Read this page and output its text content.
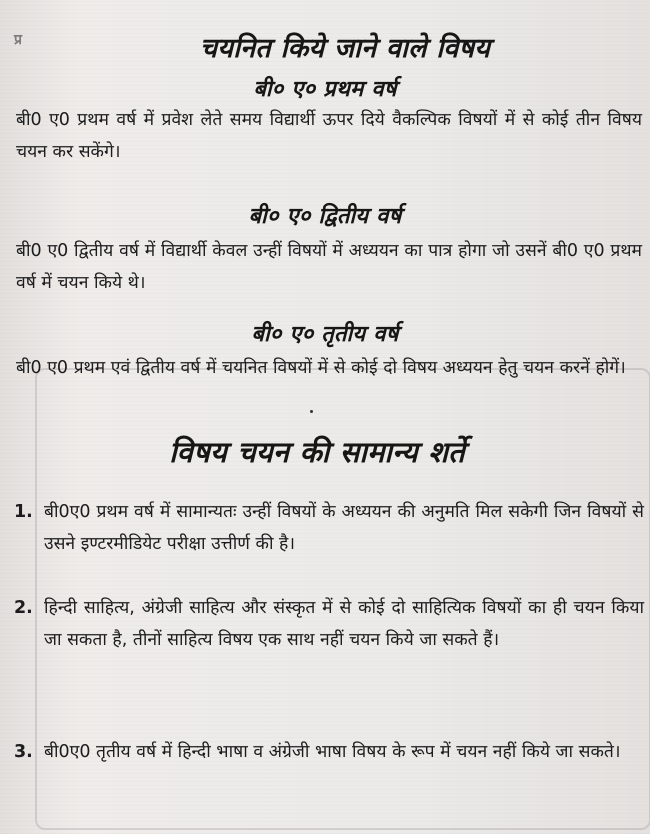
प्र	चयनित किये जाने वाले विषय
बी० ए० प्रथम वर्ष
बी0 ए0 प्रथम वर्ष में प्रवेश लेते समय विद्यार्थी ऊपर दिये वैकल्पिक विषयों में से कोई तीन विषय चयन कर सकेंगे।
बी० ए० द्वितीय वर्ष
बी0 ए0 द्वितीय वर्ष में विद्यार्थी केवल उन्हीं विषयों में अध्ययन का पात्र होगा जो उसनें बी0 ए0 प्रथम वर्ष में चयन किये थे।
बी० ए० तृतीय वर्ष
बी0 ए0 प्रथम एवं द्वितीय वर्ष में चयनित विषयों में से कोई दो विषय अध्ययन हेतु चयन करनें होगें।
विषय चयन की सामान्य शर्ते
1. बी0ए0 प्रथम वर्ष में सामान्यतः उन्हीं विषयों के अध्ययन की अनुमति मिल सकेगी जिन विषयों से उसने इण्टरमीडियेट परीक्षा उत्तीर्ण की है।
2. हिन्दी साहित्य, अंग्रेजी साहित्य और संस्कृत में से कोई दो साहित्यिक विषयों का ही चयन किया जा सकता है, तीनों साहित्य विषय एक साथ नहीं चयन किये जा सकते हैं।
3. बी0ए0 तृतीय वर्ष में हिन्दी भाषा व अंग्रेजी भाषा विषय के रूप में चयन नहीं किये जा सकते।
